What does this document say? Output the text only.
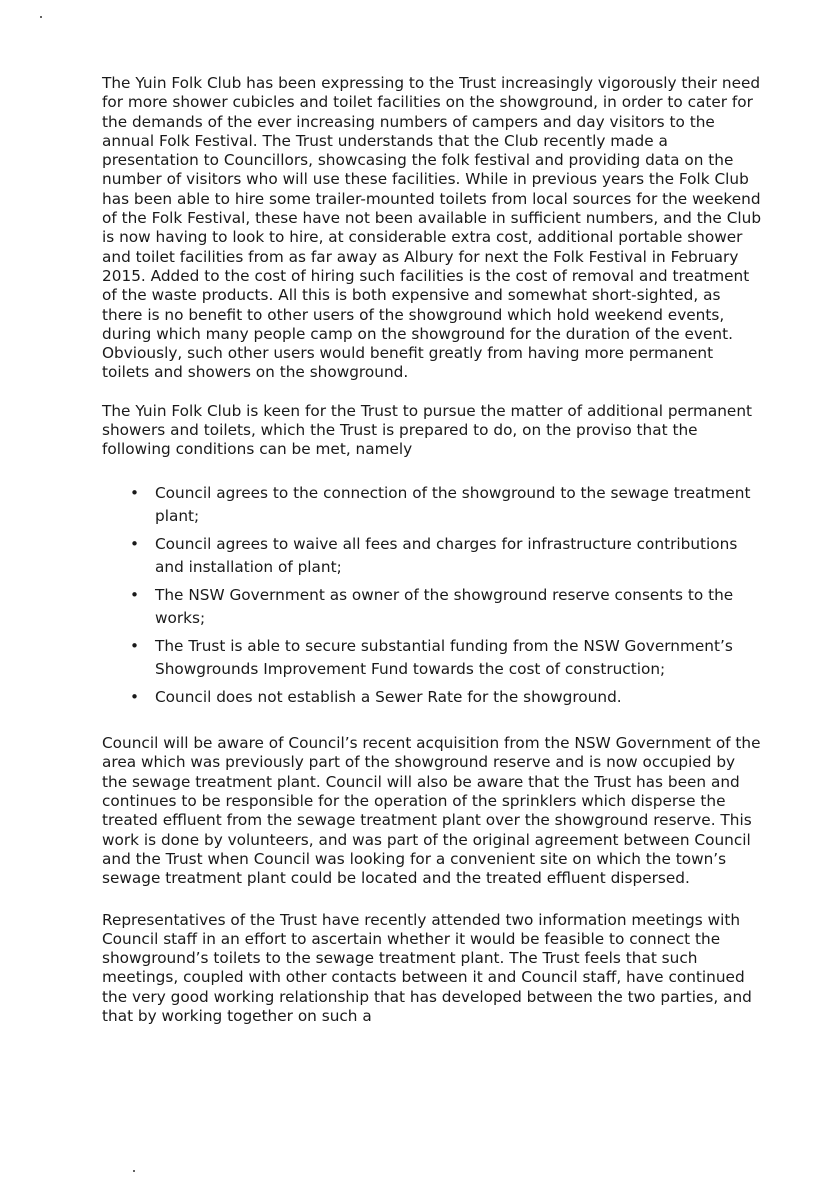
The Yuin Folk Club has been expressing to the Trust increasingly vigorously their need for more shower cubicles and toilet facilities on the showground, in order to cater for the demands of the ever increasing numbers of campers and day visitors to the annual Folk Festival. The Trust understands that the Club recently made a presentation to Councillors, showcasing the folk festival and providing data on the number of visitors who will use these facilities. While in previous years the Folk Club has been able to hire some trailer-mounted toilets from local sources for the weekend of the Folk Festival, these have not been available in sufficient numbers, and the Club is now having to look to hire, at considerable extra cost, additional portable shower and toilet facilities from as far away as Albury for next the Folk Festival in February 2015. Added to the cost of hiring such facilities is the cost of removal and treatment of the waste products. All this is both expensive and somewhat short-sighted, as there is no benefit to other users of the showground which hold weekend events, during which many people camp on the showground for the duration of the event. Obviously, such other users would benefit greatly from having more permanent toilets and showers on the showground.

The Yuin Folk Club is keen for the Trust to pursue the matter of additional permanent showers and toilets, which the Trust is prepared to do, on the proviso that the following conditions can be met, namely

• Council agrees to the connection of the showground to the sewage treatment plant;
• Council agrees to waive all fees and charges for infrastructure contributions and installation of plant;
• The NSW Government as owner of the showground reserve consents to the works;
• The Trust is able to secure substantial funding from the NSW Government’s Showgrounds Improvement Fund towards the cost of construction;
• Council does not establish a Sewer Rate for the showground.

Council will be aware of Council’s recent acquisition from the NSW Government of the area which was previously part of the showground reserve and is now occupied by the sewage treatment plant. Council will also be aware that the Trust has been and continues to be responsible for the operation of the sprinklers which disperse the treated effluent from the sewage treatment plant over the showground reserve. This work is done by volunteers, and was part of the original agreement between Council and the Trust when Council was looking for a convenient site on which the town’s sewage treatment plant could be located and the treated effluent dispersed.

Representatives of the Trust have recently attended two information meetings with Council staff in an effort to ascertain whether it would be feasible to connect the showground’s toilets to the sewage treatment plant. The Trust feels that such meetings, coupled with other contacts between it and Council staff, have continued the very good working relationship that has developed between the two parties, and that by working together on such a
